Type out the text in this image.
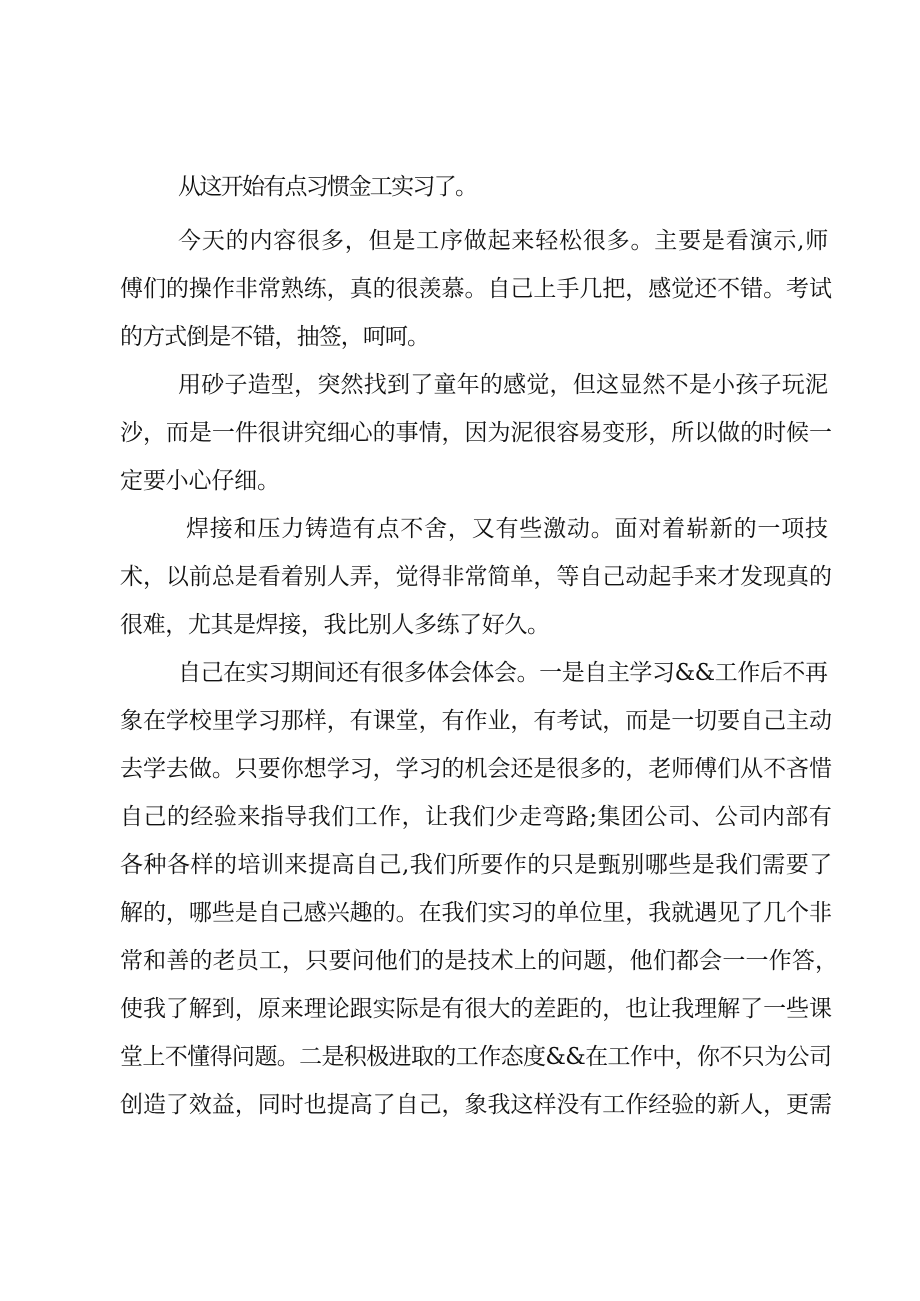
从这开始有点习惯金工实习了。

今天的内容很多，但是工序做起来轻松很多。主要是看演示,师

傅们的操作非常熟练，真的很羡慕。自己上手几把，感觉还不错。考试

的方式倒是不错，抽签，呵呵。

用砂子造型，突然找到了童年的感觉，但这显然不是小孩子玩泥

沙，而是一件很讲究细心的事情，因为泥很容易变形，所以做的时候一

定要小心仔细。

焊接和压力铸造有点不舍，又有些激动。面对着崭新的一项技

术，以前总是看着别人弄，觉得非常简单，等自己动起手来才发现真的

很难，尤其是焊接，我比别人多练了好久。

自己在实习期间还有很多体会体会。一是自主学习&&工作后不再

象在学校里学习那样，有课堂，有作业，有考试，而是一切要自己主动

去学去做。只要你想学习，学习的机会还是很多的，老师傅们从不吝惜

自己的经验来指导我们工作，让我们少走弯路;集团公司、公司内部有

各种各样的培训来提高自己,我们所要作的只是甄别哪些是我们需要了

解的，哪些是自己感兴趣的。在我们实习的单位里，我就遇见了几个非

常和善的老员工，只要问他们的是技术上的问题，他们都会一一作答，

使我了解到，原来理论跟实际是有很大的差距的，也让我理解了一些课

堂上不懂得问题。二是积极进取的工作态度&&在工作中，你不只为公司

创造了效益，同时也提高了自己，象我这样没有工作经验的新人，更需
